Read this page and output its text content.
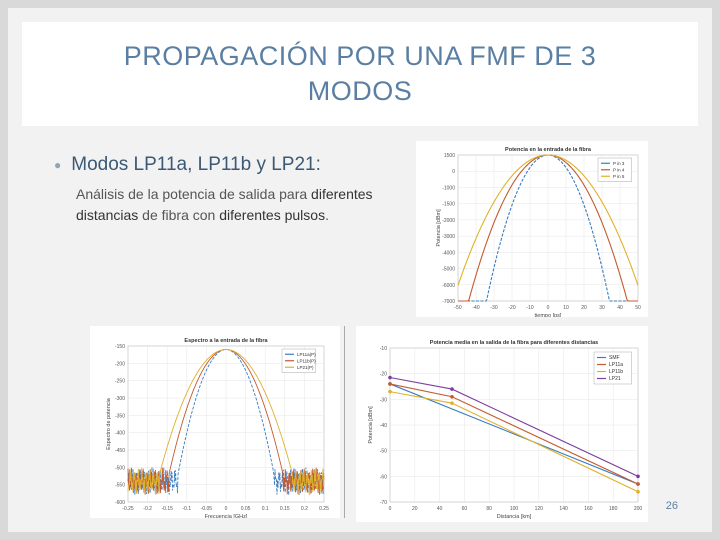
PROPAGACIÓN POR UNA FMF DE 3 MODOS
● Modos LP11a, LP11b y LP21:
Análisis de la potencia de salida para diferentes distancias de fibra con diferentes pulsos.
-50 -40 -30 -20 -10	0	10 20 30 40 50
1500
0
-1000
-1500
-2000
-3000
-4000
-5000
-6000
-7000
Potencia en la entrada de la fibra
tiempo [ps]
Potencia [dBm]
P in 3
P in 4
P in 5
-0.25 -0.2 -0.15 -0.1 -0.05	0	0.05 0.1 0.15 0.2 0.25
-150
-200
-250
-300
-350
-400
-450
-500
-550
-600
Espectro a la entrada de la fibra
Frecuencia [GHz]
Espectro de potencia
LP11a(P)
LP11b(P)
LP21(P)
0	20	40	60	80	100	120	140	160	180	200
-10
-20
-30
-40
-50
-60
-70
Potencia media en la salida de la fibra para diferentes distancias
Distancia [km]
Potencia [dBm]
SMF
LP11a
LP11b
LP21
26
